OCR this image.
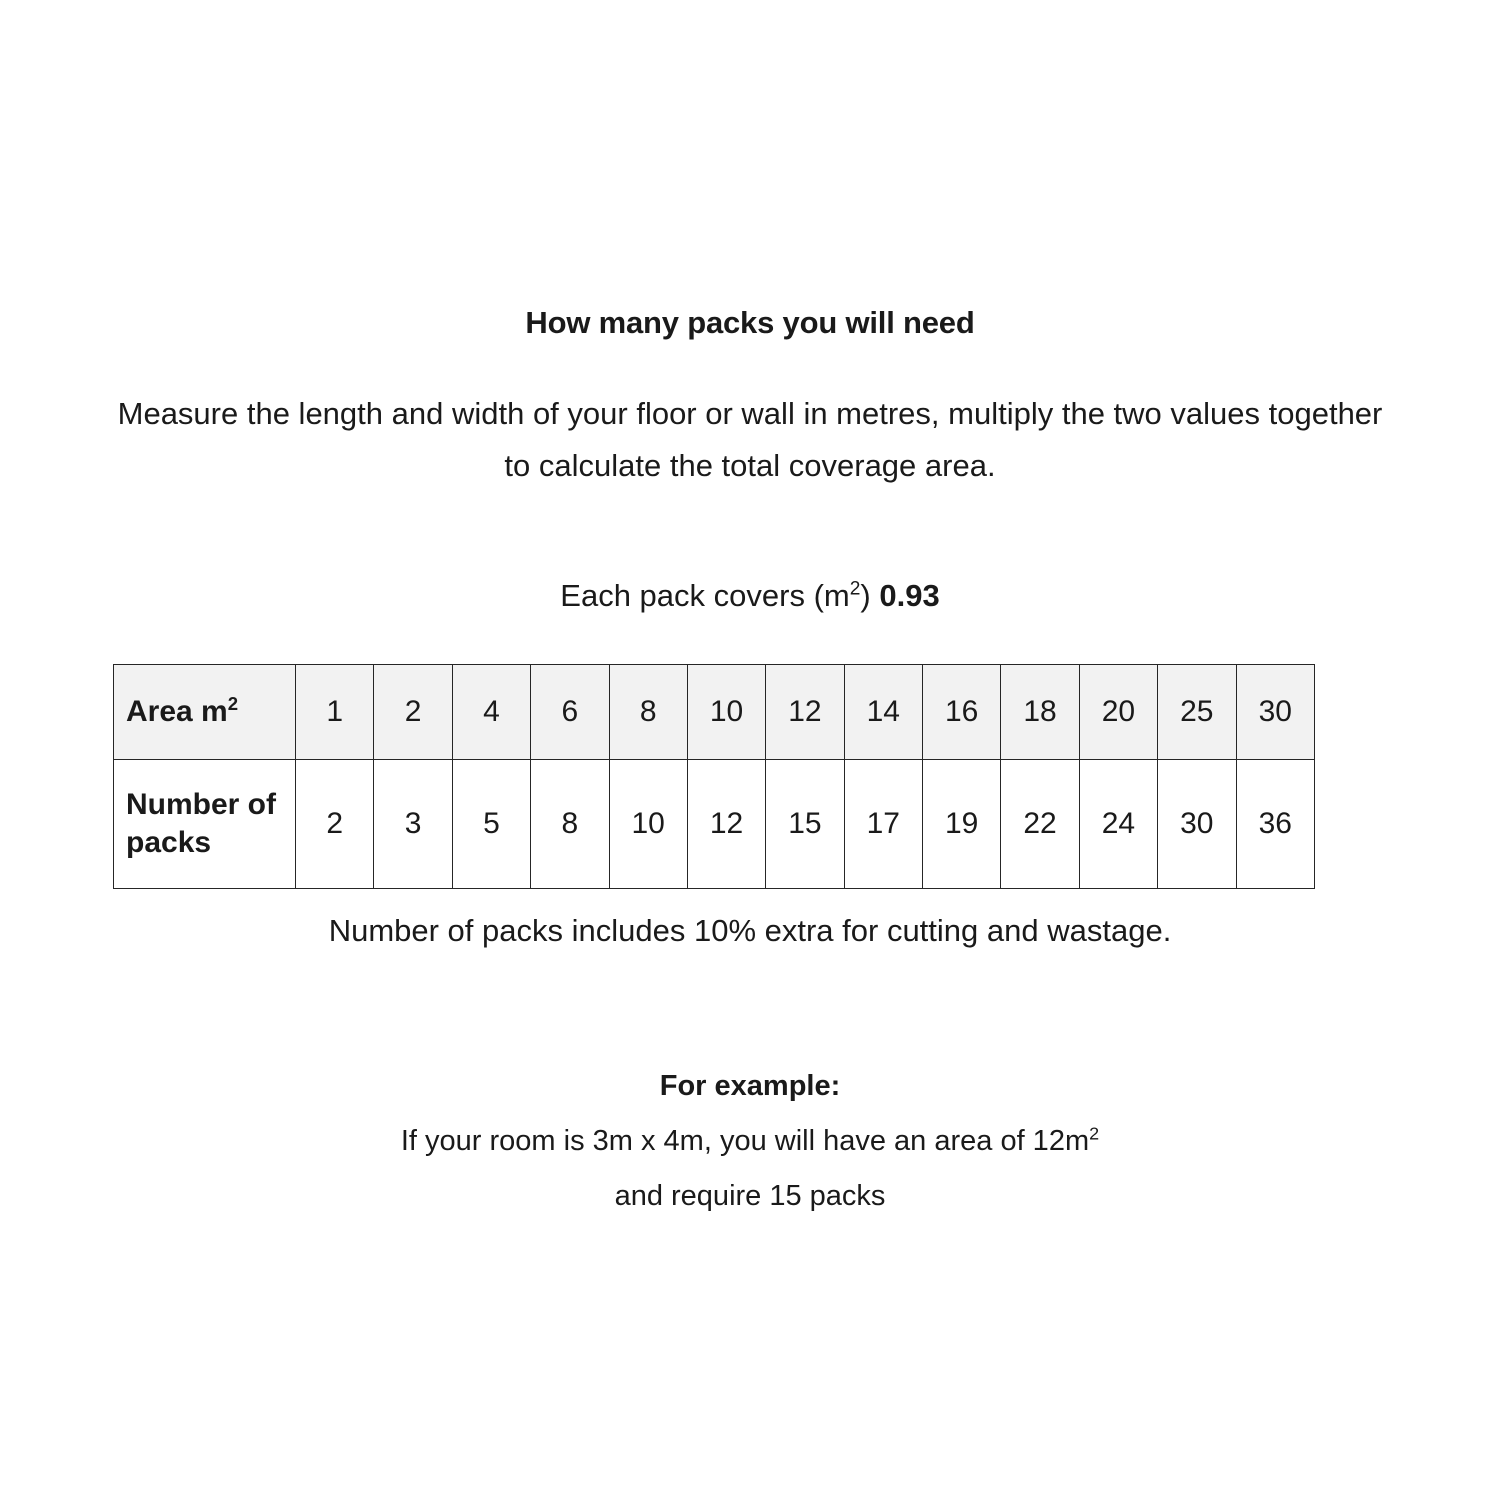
How many packs you will need
Measure the length and width of your floor or wall in metres, multiply the two values together to calculate the total coverage area.
Each pack covers $(m^2)$ 0.93
Area $m^2$	1	2	4	6	8	10	12	14	16	18	20	25	30
Number of packs	2	3	5	8	10	12	15	17	19	22	24	30	36
Number of packs includes 10% extra for cutting and wastage.
For example:
If your room is 3m x 4m, you will have an area of $12m^2$
and require 15 packs
